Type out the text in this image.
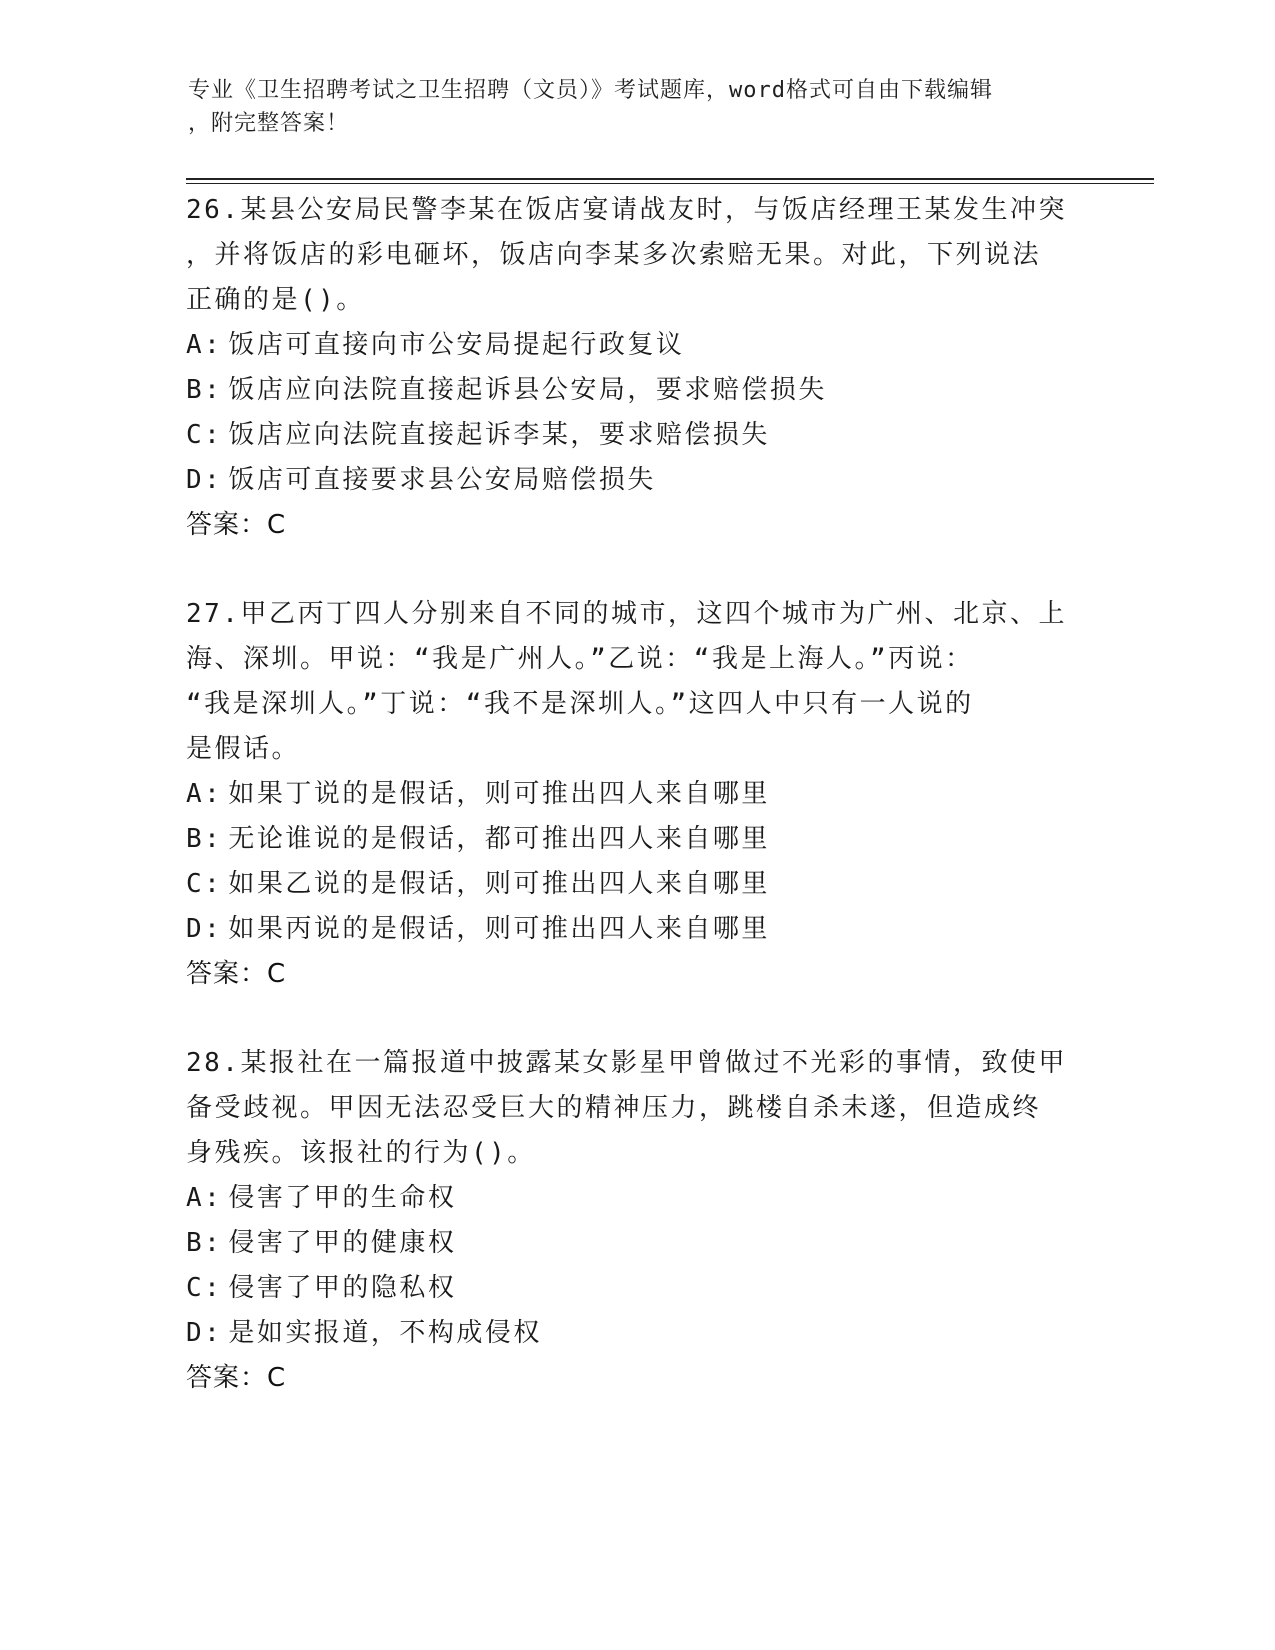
专业《卫生招聘考试之卫生招聘（文员）》考试题库，word格式可自由下载编辑
，附完整答案！
26.某县公安局民警李某在饭店宴请战友时，与饭店经理王某发生冲突
，并将饭店的彩电砸坏，饭店向李某多次索赔无果。对此，下列说法
正确的是()。
A: 饭店可直接向市公安局提起行政复议
B: 饭店应向法院直接起诉县公安局，要求赔偿损失
C: 饭店应向法院直接起诉李某，要求赔偿损失
D: 饭店可直接要求县公安局赔偿损失
答案：C
27.甲乙丙丁四人分别来自不同的城市，这四个城市为广州、北京、上
海、深圳。甲说：“我是广州人。”乙说：“我是上海人。”丙说：
“我是深圳人。”丁说：“我不是深圳人。”这四人中只有一人说的
是假话。
A: 如果丁说的是假话，则可推出四人来自哪里
B: 无论谁说的是假话，都可推出四人来自哪里
C: 如果乙说的是假话，则可推出四人来自哪里
D: 如果丙说的是假话，则可推出四人来自哪里
答案：C
28.某报社在一篇报道中披露某女影星甲曾做过不光彩的事情，致使甲
备受歧视。甲因无法忍受巨大的精神压力，跳楼自杀未遂，但造成终
身残疾。该报社的行为()。
A: 侵害了甲的生命权
B: 侵害了甲的健康权
C: 侵害了甲的隐私权
D: 是如实报道，不构成侵权
答案：C
